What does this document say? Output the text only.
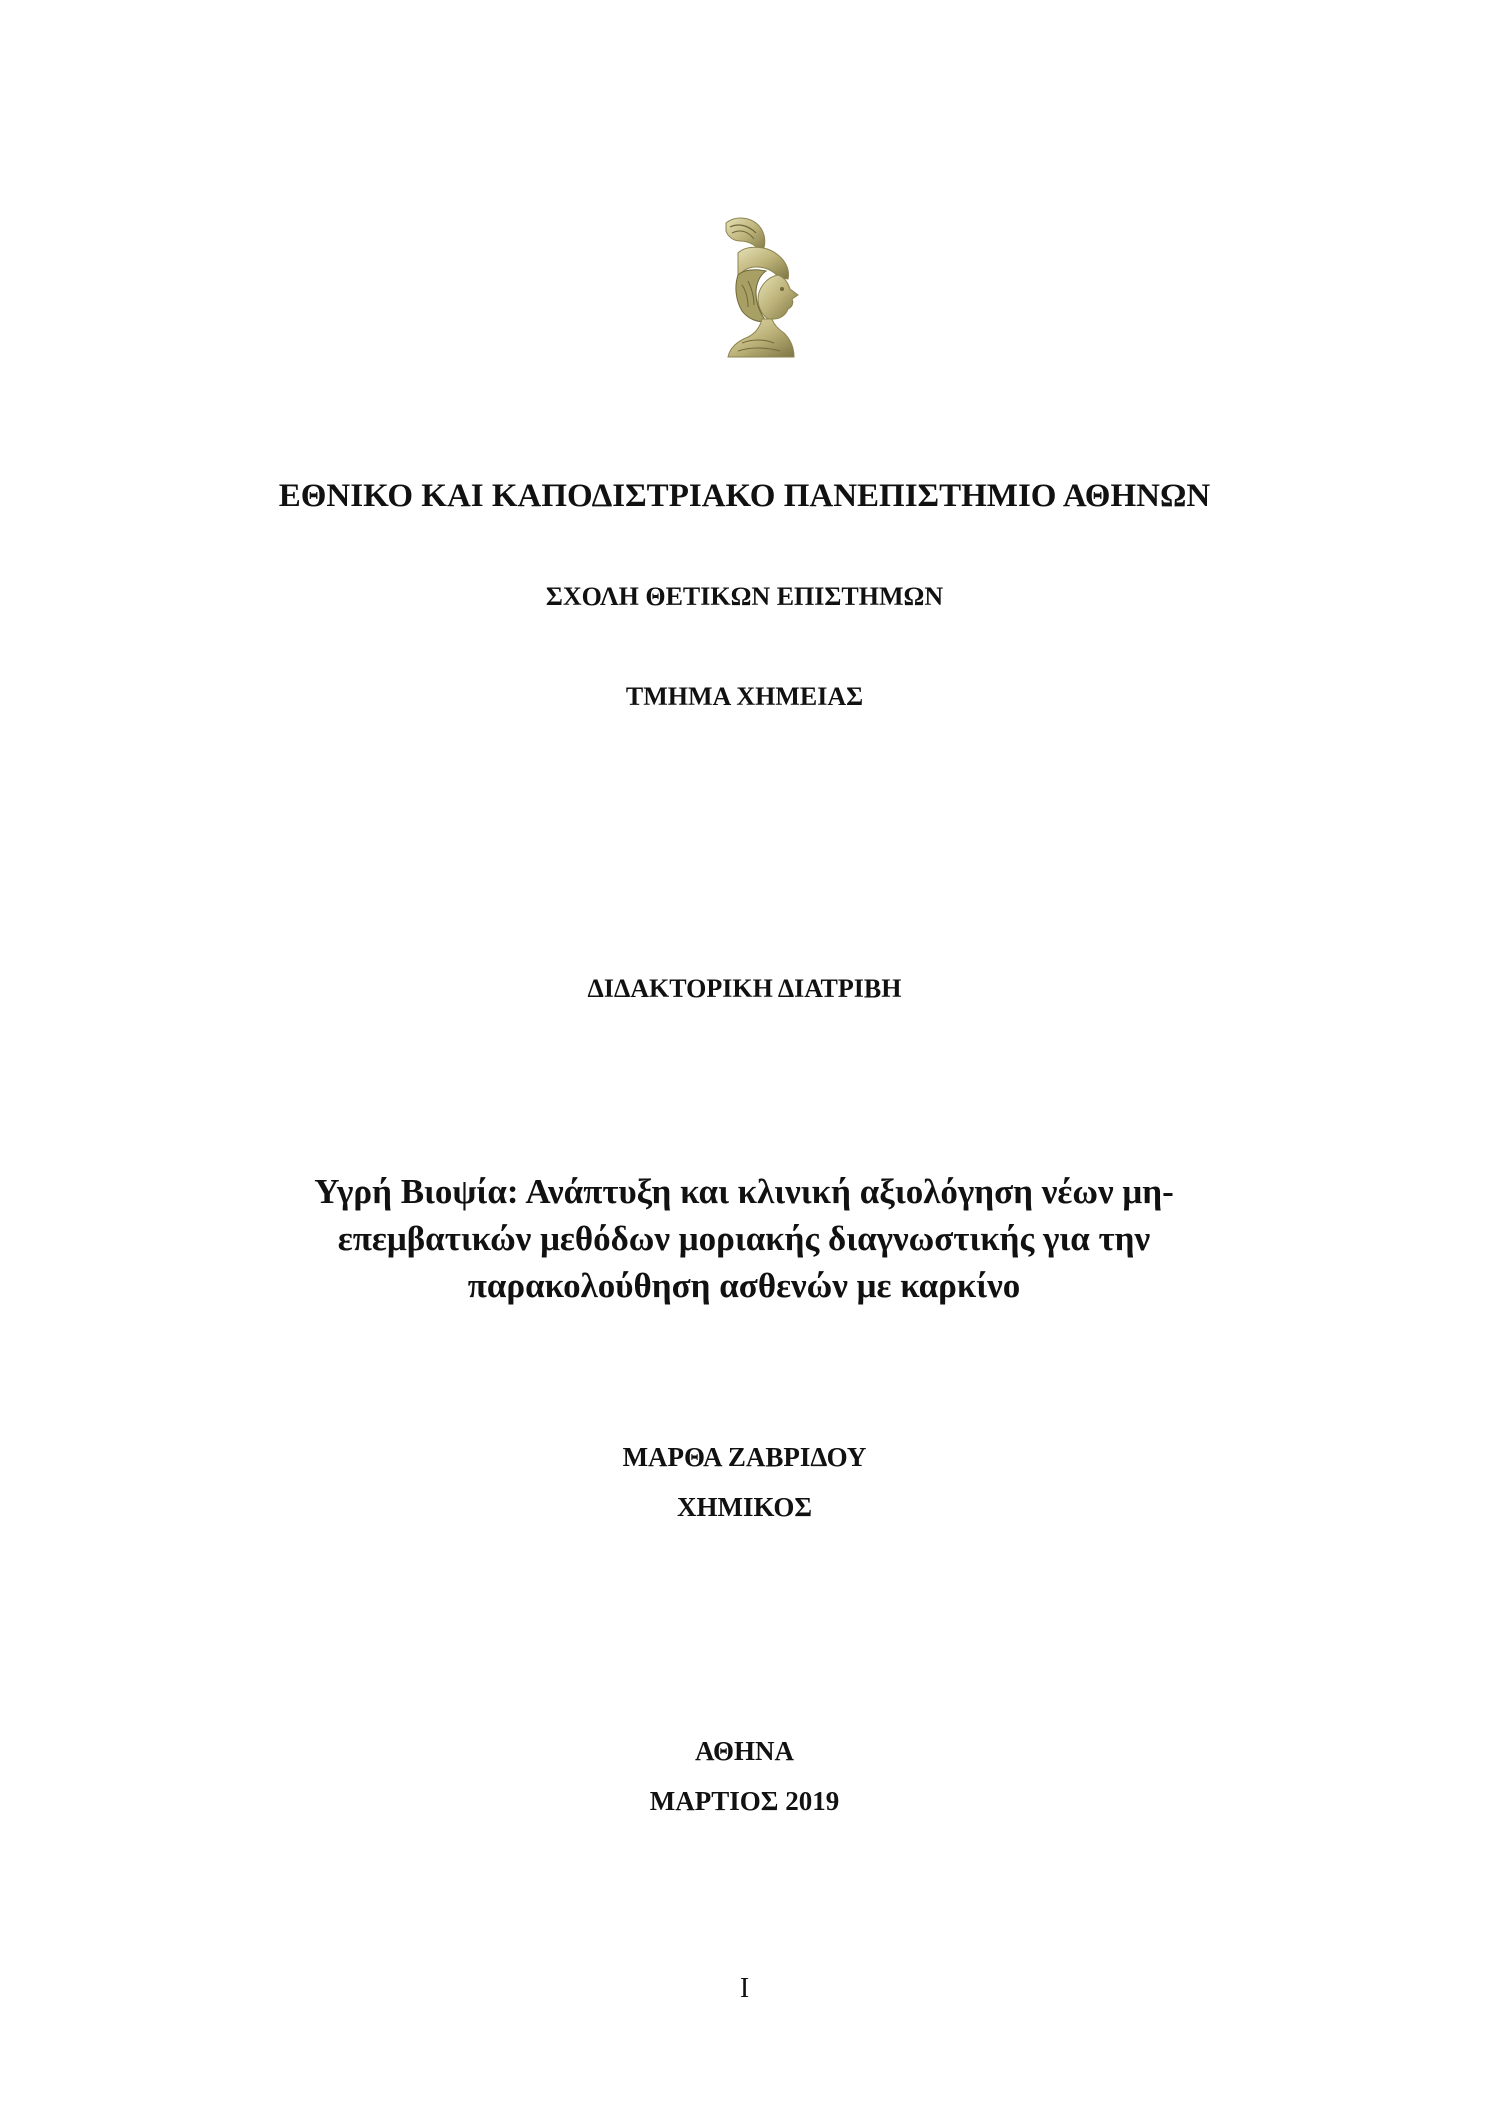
ΕΘΝΙΚΟ ΚΑΙ ΚΑΠΟΔΙΣΤΡΙΑΚΟ ΠΑΝΕΠΙΣΤΗΜΙΟ ΑΘΗΝΩΝ

ΣΧΟΛΗ ΘΕΤΙΚΩΝ ΕΠΙΣΤΗΜΩΝ

ΤΜΗΜΑ ΧΗΜΕΙΑΣ

ΔΙΔΑΚΤΟΡΙΚΗ ΔΙΑΤΡΙΒΗ

Υγρή Βιοψία: Ανάπτυξη και κλινική αξιολόγηση νέων μη-
επεμβατικών μεθόδων μοριακής διαγνωστικής για την
παρακολούθηση ασθενών με καρκίνο

ΜΑΡΘΑ ΖΑΒΡΙΔΟΥ

ΧΗΜΙΚΟΣ

ΑΘΗΝΑ

ΜΑΡΤΙΟΣ 2019

I
